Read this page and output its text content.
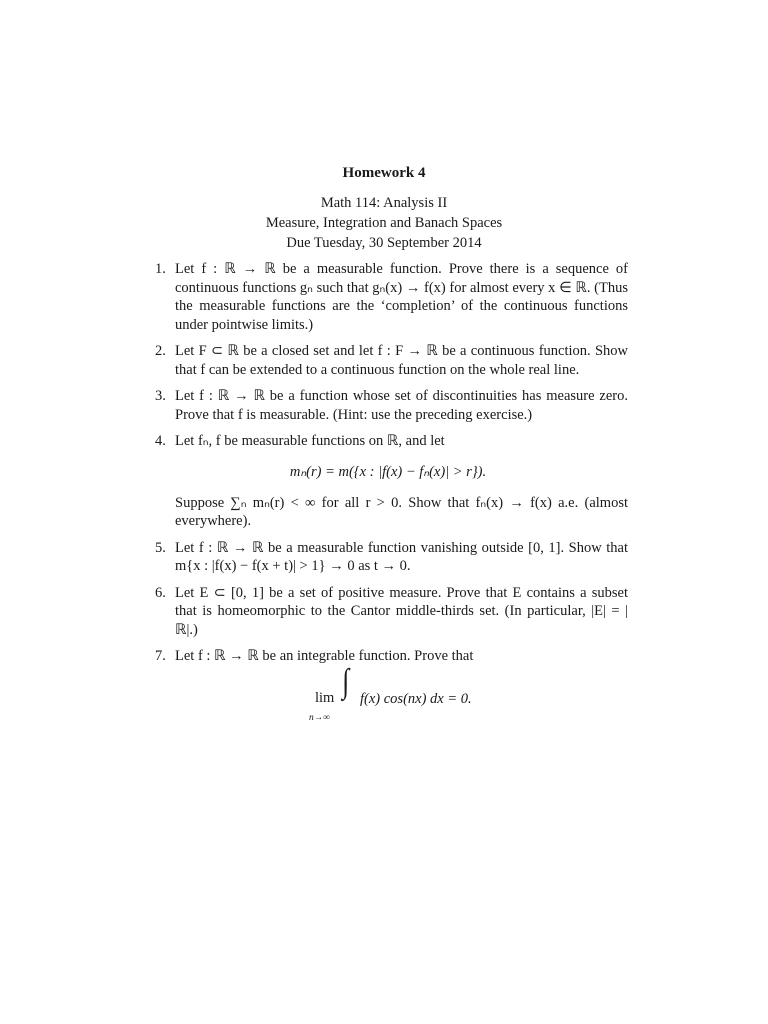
Homework 4
Math 114: Analysis II
Measure, Integration and Banach Spaces
Due Tuesday, 30 September 2014
1. Let f : ℝ → ℝ be a measurable function. Prove there is a sequence of continuous functions gₙ such that gₙ(x) → f(x) for almost every x ∈ ℝ. (Thus the measurable functions are the ‘completion’ of the continuous functions under pointwise limits.)
2. Let F ⊂ ℝ be a closed set and let f : F → ℝ be a continuous function. Show that f can be extended to a continuous function on the whole real line.
3. Let f : ℝ → ℝ be a function whose set of discontinuities has measure zero. Prove that f is measurable. (Hint: use the preceding exercise.)
4. Let fₙ, f be measurable functions on ℝ, and let
mₙ(r) = m({x : |f(x) − fₙ(x)| > r}).
Suppose ∑ₙ mₙ(r) < ∞ for all r > 0. Show that fₙ(x) → f(x) a.e. (almost everywhere).
5. Let f : ℝ → ℝ be a measurable function vanishing outside [0, 1]. Show that m{x : |f(x) − f(x + t)| > 1} → 0 as t → 0.
6. Let E ⊂ [0, 1] be a set of positive measure. Prove that E contains a subset that is homeomorphic to the Cantor middle-thirds set. (In particular, |E| = |ℝ|.)
7. Let f : ℝ → ℝ be an integrable function. Prove that
lim
n→∞
∫ f(x) cos(nx) dx = 0.
